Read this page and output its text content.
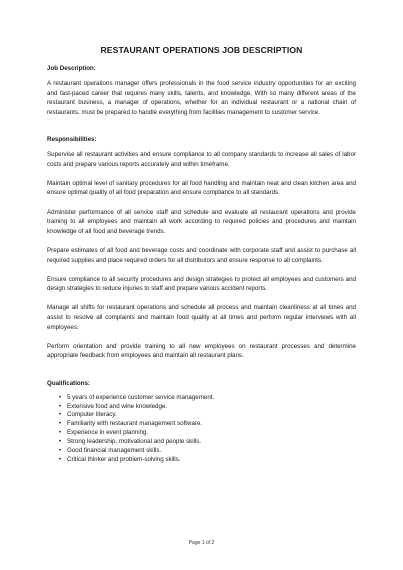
RESTAURANT OPERATIONS JOB DESCRIPTION
Job Description:

A restaurant operations manager offers professionals in the food service industry opportunities for an exciting and fast-paced career that requires many skills, talents, and knowledge. With so many different areas of the restaurant business, a manager of operations, whether for an individual restaurant or a national chain of restaurants, must be prepared to handle everything from facilities management to customer service.

Responsibilities:

Supervise all restaurant activities and ensure compliance to all company standards to increase all sales of labor costs and prepare various reports accurately and within timeframe.

Maintain optimal level of sanitary procedures for all food handling and maintain neat and clean kitchen area and ensure optimal quality of all food preparation and ensure compliance to all standards.

Administer performance of all service staff and schedule and evaluate all restaurant operations and provide training to all employees and maintain all work according to required policies and procedures and maintain knowledge of all food and beverage trends.

Prepare estimates of all food and beverage costs and coordinate with corporate staff and assist to purchase all required supplies and place required orders for all distributors and ensure response to all complaints.

Ensure compliance to all security procedures and design strategies to protect all employees and customers and design strategies to reduce injuries to staff and prepare various accident reports.

Manage all shifts for restaurant operations and schedule all process and maintain cleanliness at all times and assist to resolve all complaints and maintain food quality at all times and perform regular interviews with all employees.

Perform orientation and provide training to all new employees on restaurant processes and determine appropriate feedback from employees and maintain all restaurant plans.

Qualifications:
• 5 years of experience customer service management.
• Extensive food and wine knowledge.
• Computer literacy.
• Familiarity with restaurant management software.
• Experience in event planning.
• Strong leadership, motivational and people skills.
• Good financial management skills.
• Critical thinker and problem-solving skills.
Page 1 of 2
